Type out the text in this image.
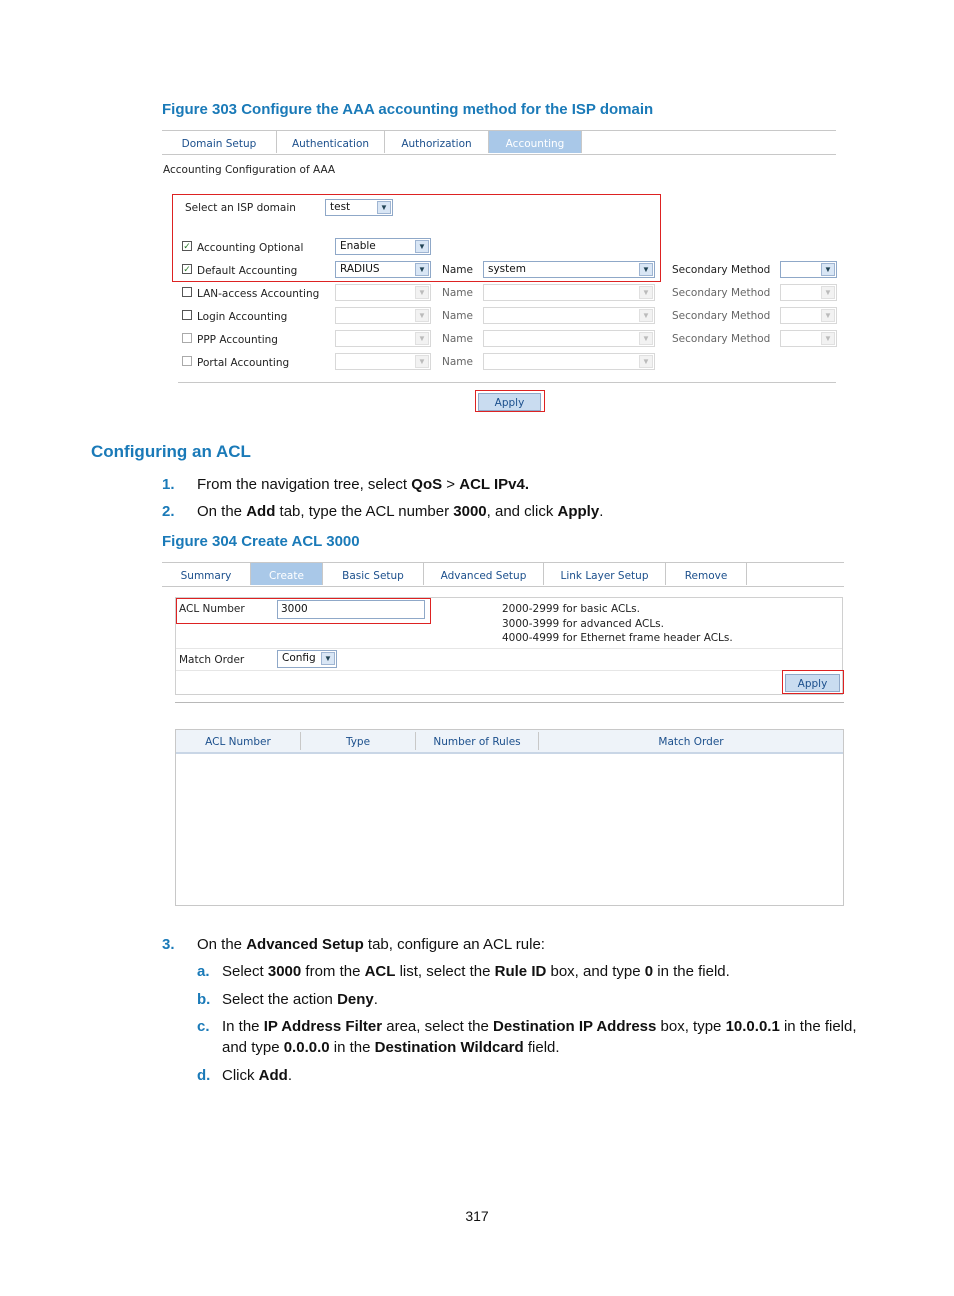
Figure 303 Configure the AAA accounting method for the ISP domain
Domain Setup	Authentication	Authorization	Accounting
Accounting Configuration of AAA
Select an ISP domain	test	▼
✓ Accounting Optional	Enable	▼
✓ Default Accounting	RADIUS	▼ Name system	▼ Secondary Method	▼
LAN-access Accounting	▼ Name	▼ Secondary Method	▼
Login Accounting	▼ Name	▼ Secondary Method	▼
PPP Accounting	▼ Name	▼ Secondary Method	▼
Portal Accounting	▼ Name	▼
Apply
Configuring an ACL
1. From the navigation tree, select QoS > ACL IPv4.
2. On the Add tab, type the ACL number 3000, and click Apply.
Figure 304 Create ACL 3000
Summary	Create	Basic Setup	Advanced Setup	Link Layer Setup	Remove
ACL Number	3000	2000-2999 for basic ACLs.
3000-3999 for advanced ACLs.
4000-4999 for Ethernet frame header ACLs.
Match Order	Config	▼
Apply
ACL Number	Type	Number of Rules	Match Order
3. On the Advanced Setup tab, configure an ACL rule:
a. Select 3000 from the ACL list, select the Rule ID box, and type 0 in the field.
b. Select the action Deny.
c. In the IP Address Filter area, select the Destination IP Address box, type 10.0.0.1 in the field,
and type 0.0.0.0 in the Destination Wildcard field.
d. Click Add.
317
